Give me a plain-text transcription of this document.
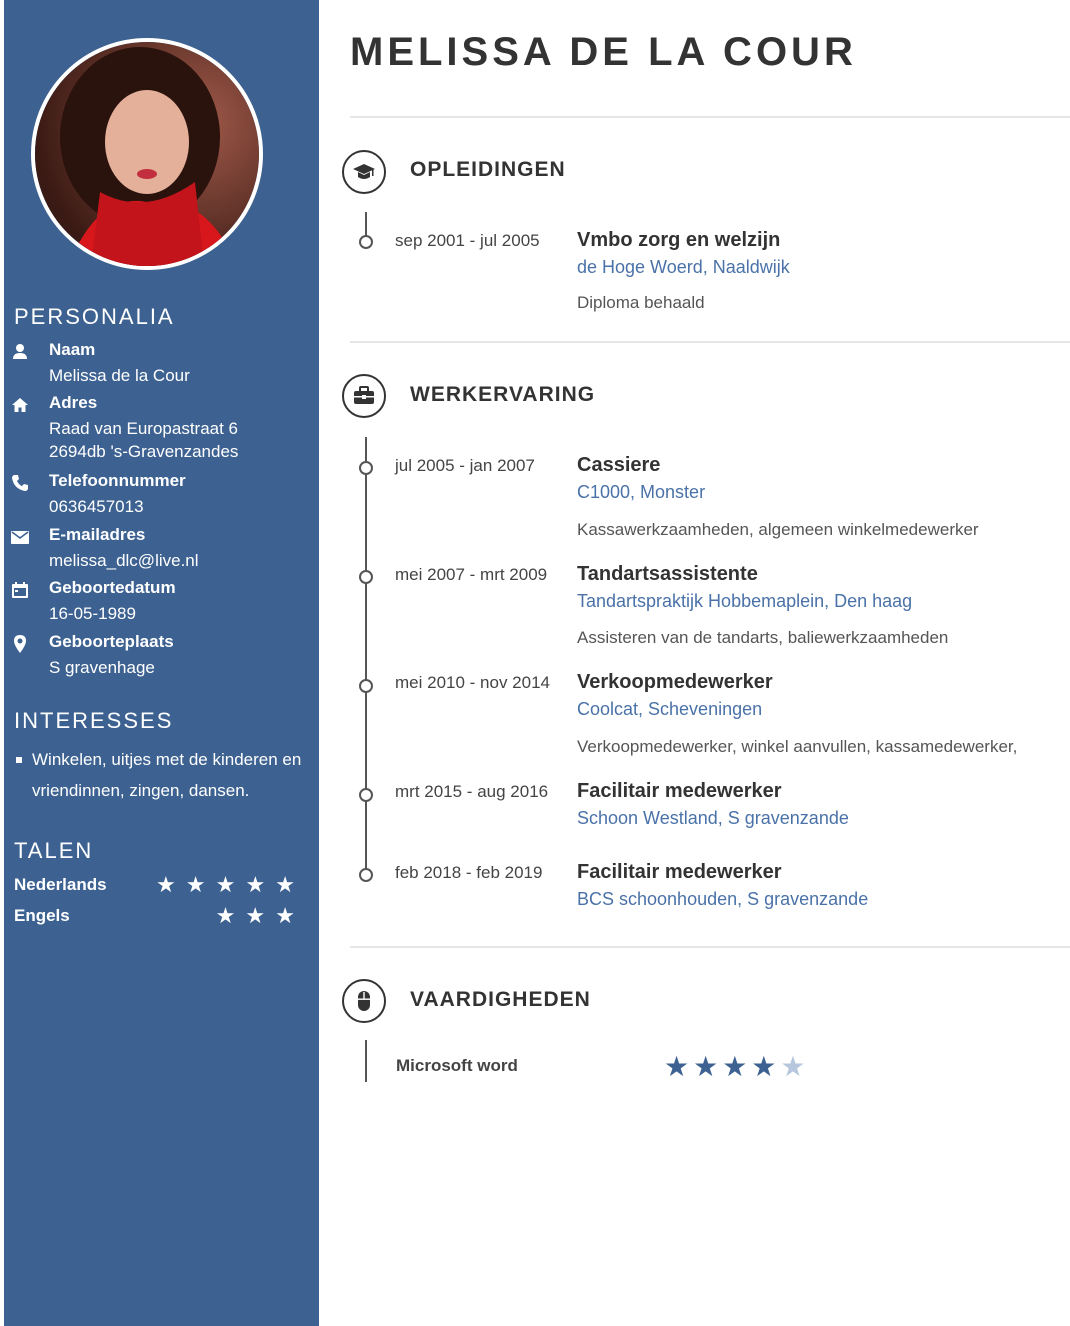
PERSONALIA
Naam
Melissa de la Cour
Adres
Raad van Europastraat 6
2694db 's-Gravenzandes
Telefoonnummer
0636457013
E-mailadres
melissa_dlc@live.nl
Geboortedatum
16-05-1989
Geboorteplaats
S gravenhage
INTERESSES
Winkelen, uitjes met de kinderen en vriendinnen, zingen, dansen.
TALEN
Nederlands ★ ★ ★ ★ ★
Engels	★ ★ ★
MELISSA DE LA COUR
OPLEIDINGEN
sep 2001 - jul 2005 Vmbo zorg en welzijn
de Hoge Woerd, Naaldwijk
Diploma behaald
WERKERVARING
jul 2005 - jan 2007 Cassiere
C1000, Monster
Kassawerkzaamheden, algemeen winkelmedewerker
mei 2007 - mrt 2009 Tandartsassistente
Tandartspraktijk Hobbemaplein, Den haag
Assisteren van de tandarts, baliewerkzaamheden
mei 2010 - nov 2014 Verkoopmedewerker
Coolcat, Scheveningen
Verkoopmedewerker, winkel aanvullen, kassamedewerker,
mrt 2015 - aug 2016 Facilitair medewerker
Schoon Westland, S gravenzande
feb 2018 - feb 2019 Facilitair medewerker
BCS schoonhouden, S gravenzande
VAARDIGHEDEN
Microsoft word	★★★★★
